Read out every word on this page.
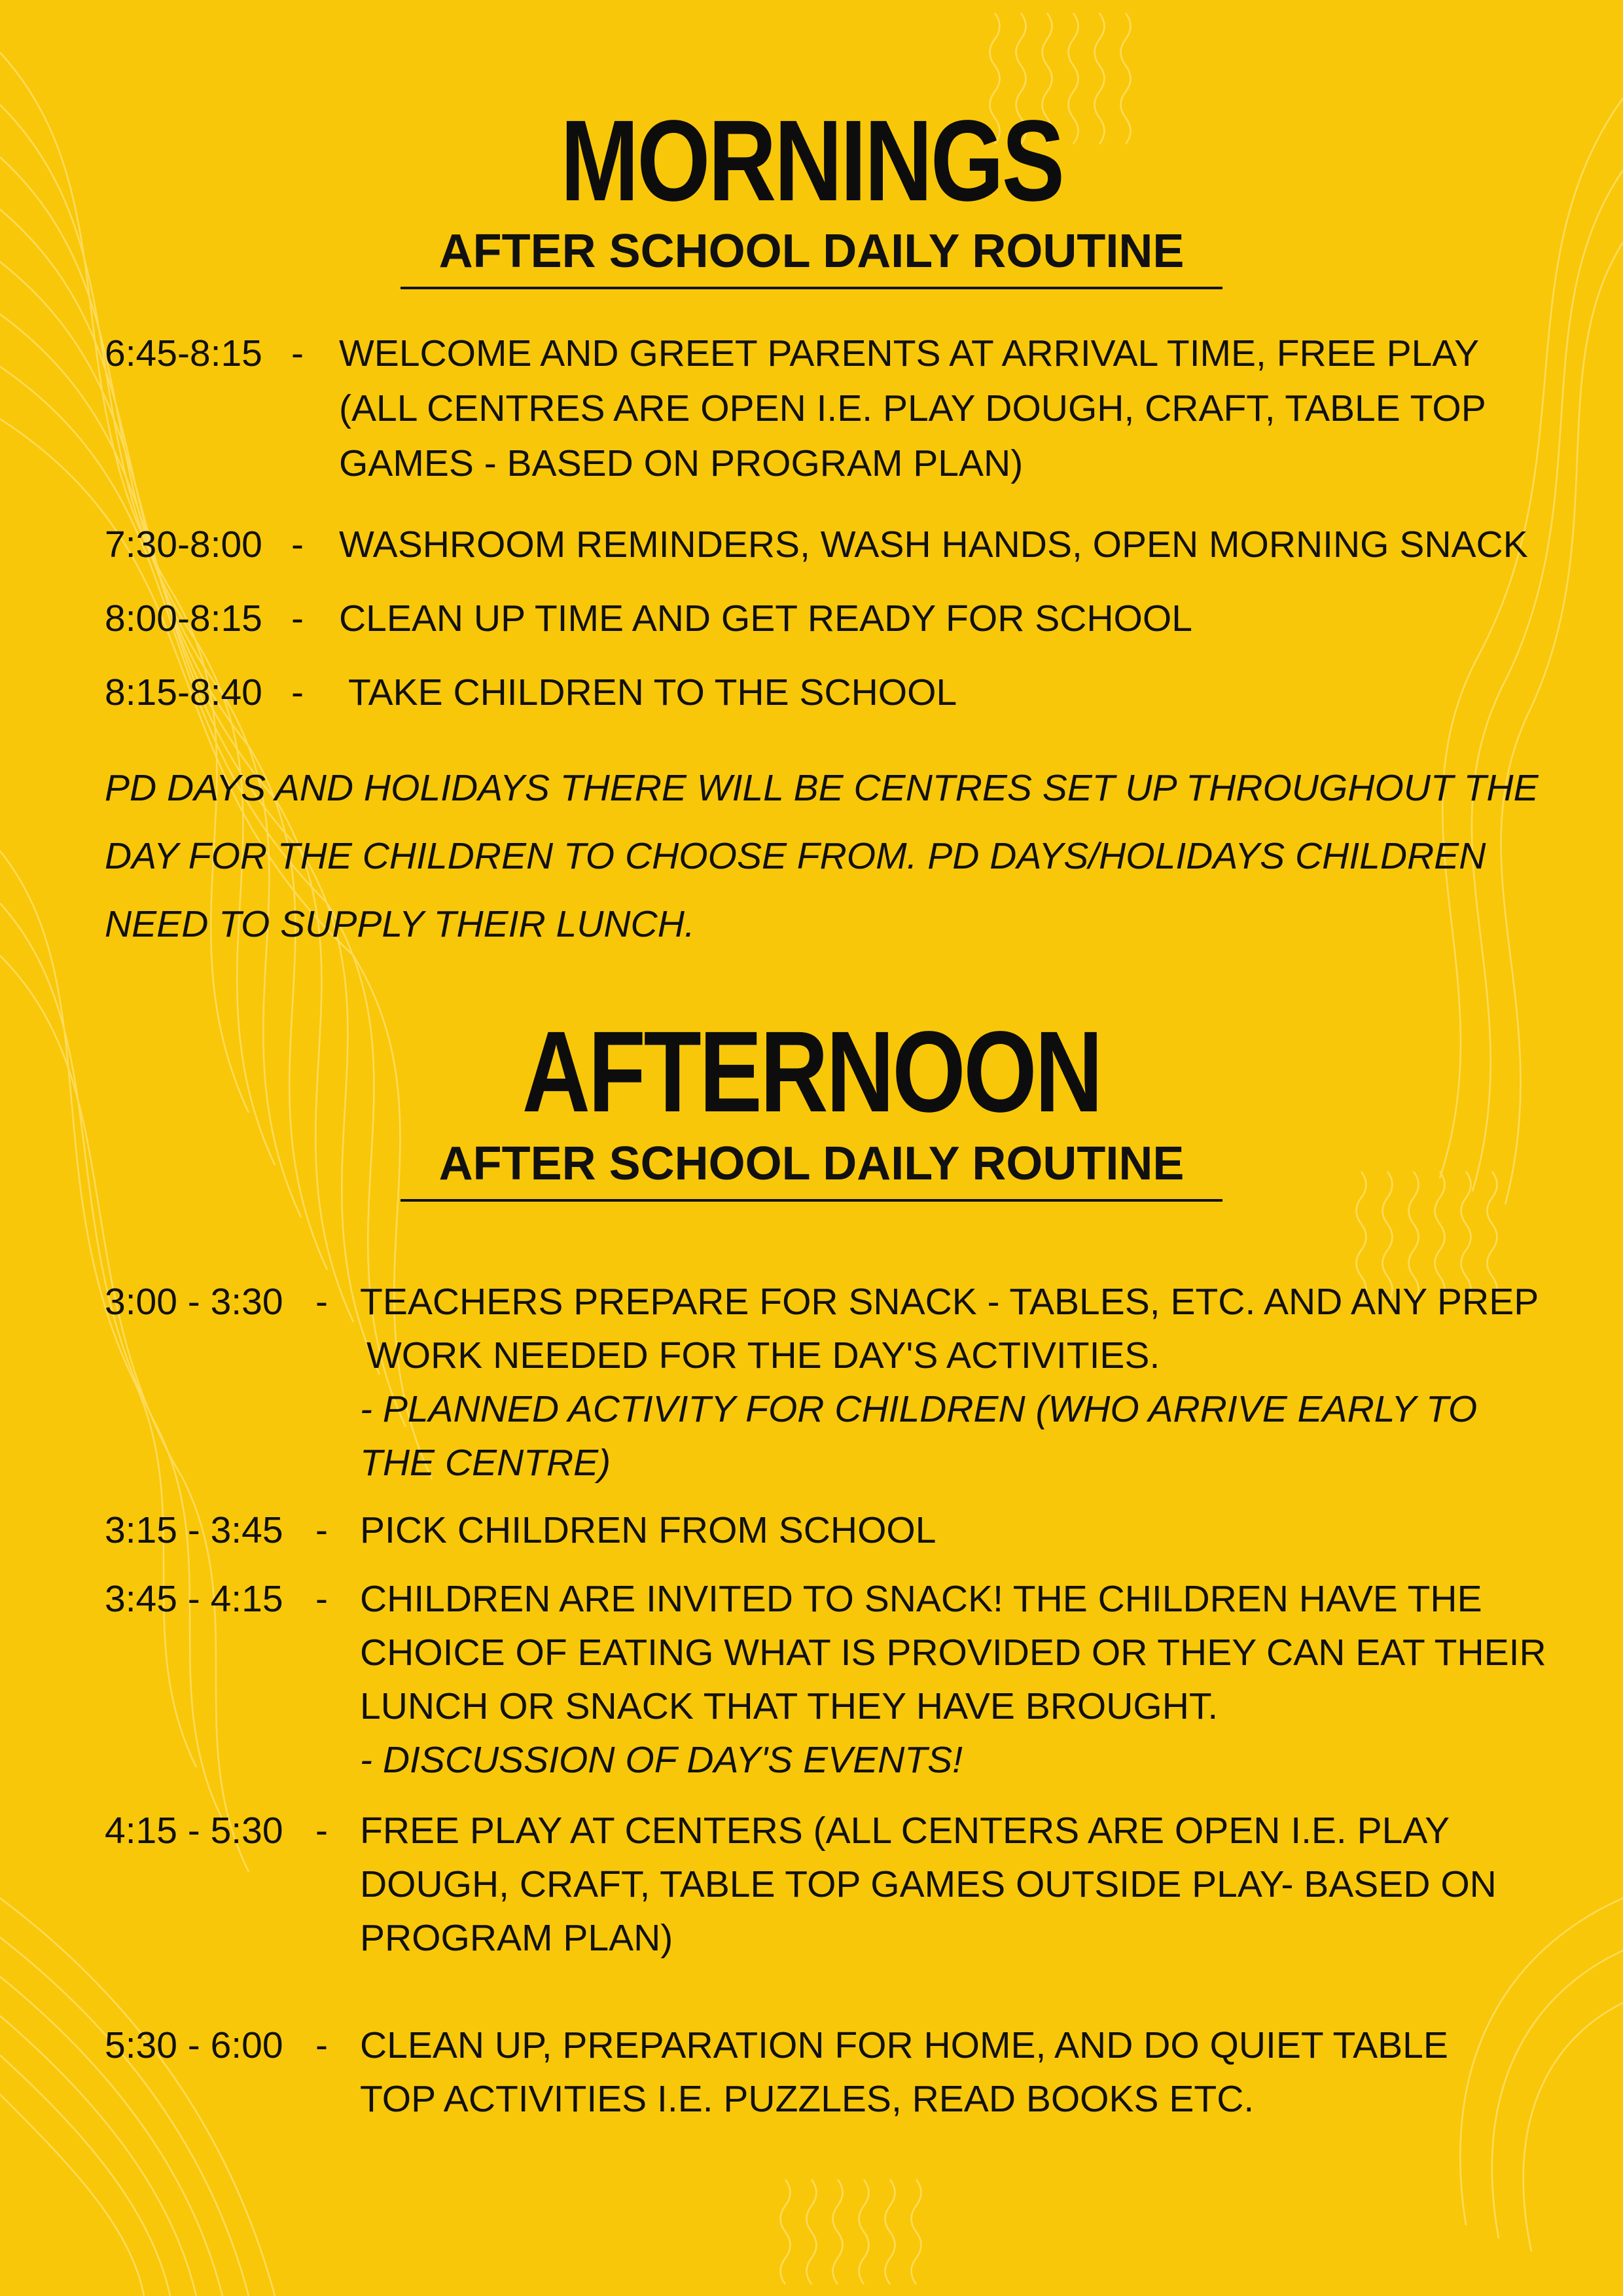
MORNINGS
AFTER SCHOOL DAILY ROUTINE
6:45-8:15 - WELCOME AND GREET PARENTS AT ARRIVAL TIME, FREE PLAY
(ALL CENTRES ARE OPEN I.E. PLAY DOUGH, CRAFT, TABLE TOP
GAMES - BASED ON PROGRAM PLAN)
7:30-8:00 - WASHROOM REMINDERS, WASH HANDS, OPEN MORNING SNACK
8:00-8:15 - CLEAN UP TIME AND GET READY FOR SCHOOL
8:15-8:40 - TAKE CHILDREN TO THE SCHOOL
PD DAYS AND HOLIDAYS THERE WILL BE CENTRES SET UP THROUGHOUT THE
DAY FOR THE CHILDREN TO CHOOSE FROM. PD DAYS/HOLIDAYS CHILDREN
NEED TO SUPPLY THEIR LUNCH.
AFTERNOON
AFTER SCHOOL DAILY ROUTINE
3:00 - 3:30 - TEACHERS PREPARE FOR SNACK - TABLES, ETC. AND ANY PREP
WORK NEEDED FOR THE DAY'S ACTIVITIES.
- PLANNED ACTIVITY FOR CHILDREN (WHO ARRIVE EARLY TO
THE CENTRE)
3:15 - 3:45 - PICK CHILDREN FROM SCHOOL
3:45 - 4:15 - CHILDREN ARE INVITED TO SNACK! THE CHILDREN HAVE THE
CHOICE OF EATING WHAT IS PROVIDED OR THEY CAN EAT THEIR
LUNCH OR SNACK THAT THEY HAVE BROUGHT.
- DISCUSSION OF DAY'S EVENTS!
4:15 - 5:30 - FREE PLAY AT CENTERS (ALL CENTERS ARE OPEN I.E. PLAY
DOUGH, CRAFT, TABLE TOP GAMES OUTSIDE PLAY- BASED ON
PROGRAM PLAN)
5:30 - 6:00 - CLEAN UP, PREPARATION FOR HOME, AND DO QUIET TABLE
TOP ACTIVITIES I.E. PUZZLES, READ BOOKS ETC.
